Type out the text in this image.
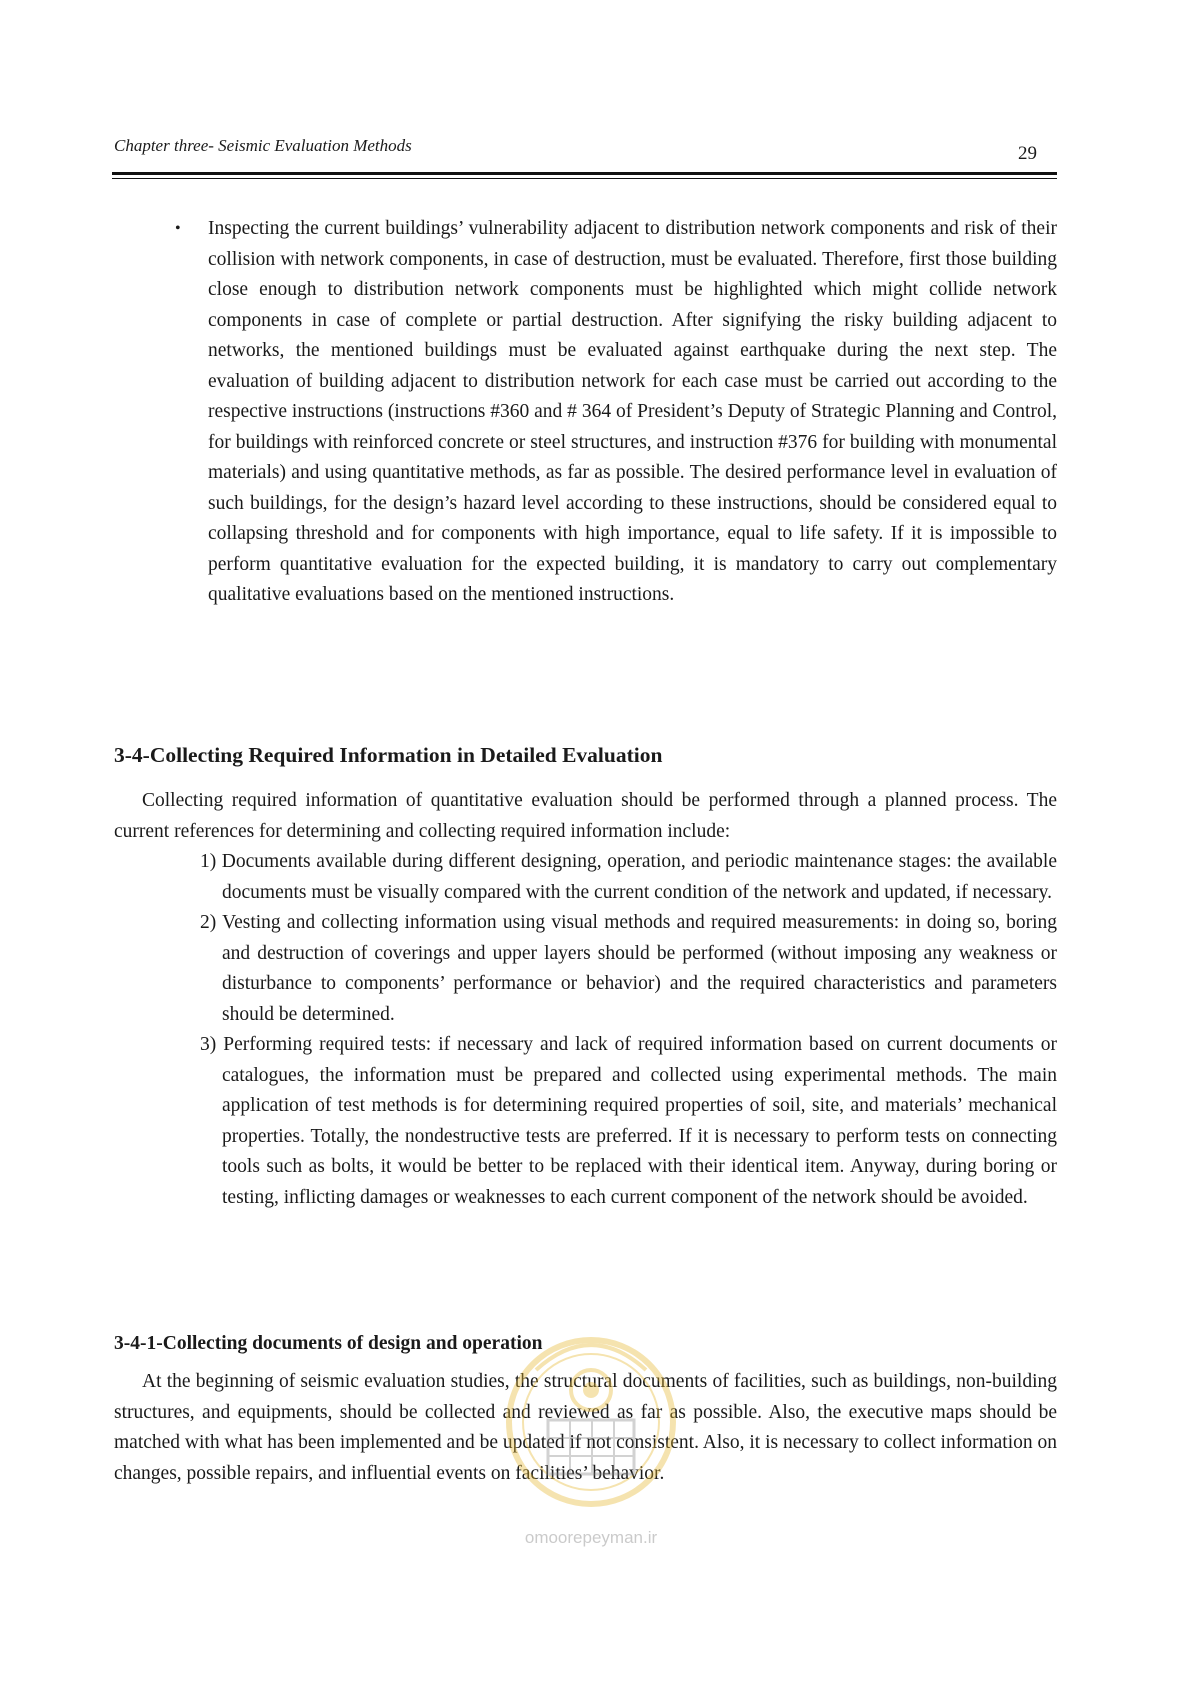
Chapter three- Seismic Evaluation Methods	29
• Inspecting the current buildings’ vulnerability adjacent to distribution network components and risk of their collision with network components, in case of destruction, must be evaluated. Therefore, first those building close enough to distribution network components must be highlighted which might collide network components in case of complete or partial destruction. After signifying the risky building adjacent to networks, the mentioned buildings must be evaluated against earthquake during the next step. The evaluation of building adjacent to distribution network for each case must be carried out according to the respective instructions (instructions #360 and # 364 of President’s Deputy of Strategic Planning and Control, for buildings with reinforced concrete or steel structures, and instruction #376 for building with monumental materials) and using quantitative methods, as far as possible. The desired performance level in evaluation of such buildings, for the design’s hazard level according to these instructions, should be considered equal to collapsing threshold and for components with high importance, equal to life safety. If it is impossible to perform quantitative evaluation for the expected building, it is mandatory to carry out complementary qualitative evaluations based on the mentioned instructions.
3-4-Collecting Required Information in Detailed Evaluation
Collecting required information of quantitative evaluation should be performed through a planned process. The current references for determining and collecting required information include:
1) Documents available during different designing, operation, and periodic maintenance stages: the available documents must be visually compared with the current condition of the network and updated, if necessary.
2) Vesting and collecting information using visual methods and required measurements: in doing so, boring and destruction of coverings and upper layers should be performed (without imposing any weakness or disturbance to components’ performance or behavior) and the required characteristics and parameters should be determined.
3) Performing required tests: if necessary and lack of required information based on current documents or catalogues, the information must be prepared and collected using experimental methods. The main application of test methods is for determining required properties of soil, site, and materials’ mechanical properties. Totally, the nondestructive tests are preferred. If it is necessary to perform tests on connecting tools such as bolts, it would be better to be replaced with their identical item. Anyway, during boring or testing, inflicting damages or weaknesses to each current component of the network should be avoided.
3-4-1-Collecting documents of design and operation
At the beginning of seismic evaluation studies, the structural documents of facilities, such as buildings, non-building structures, and equipments, should be collected and reviewed as far as possible. Also, the executive maps should be matched with what has been implemented and be updated if not consistent. Also, it is necessary to collect information on changes, possible repairs, and influential events on facilities’ behavior.
omoorepeyman.ir
